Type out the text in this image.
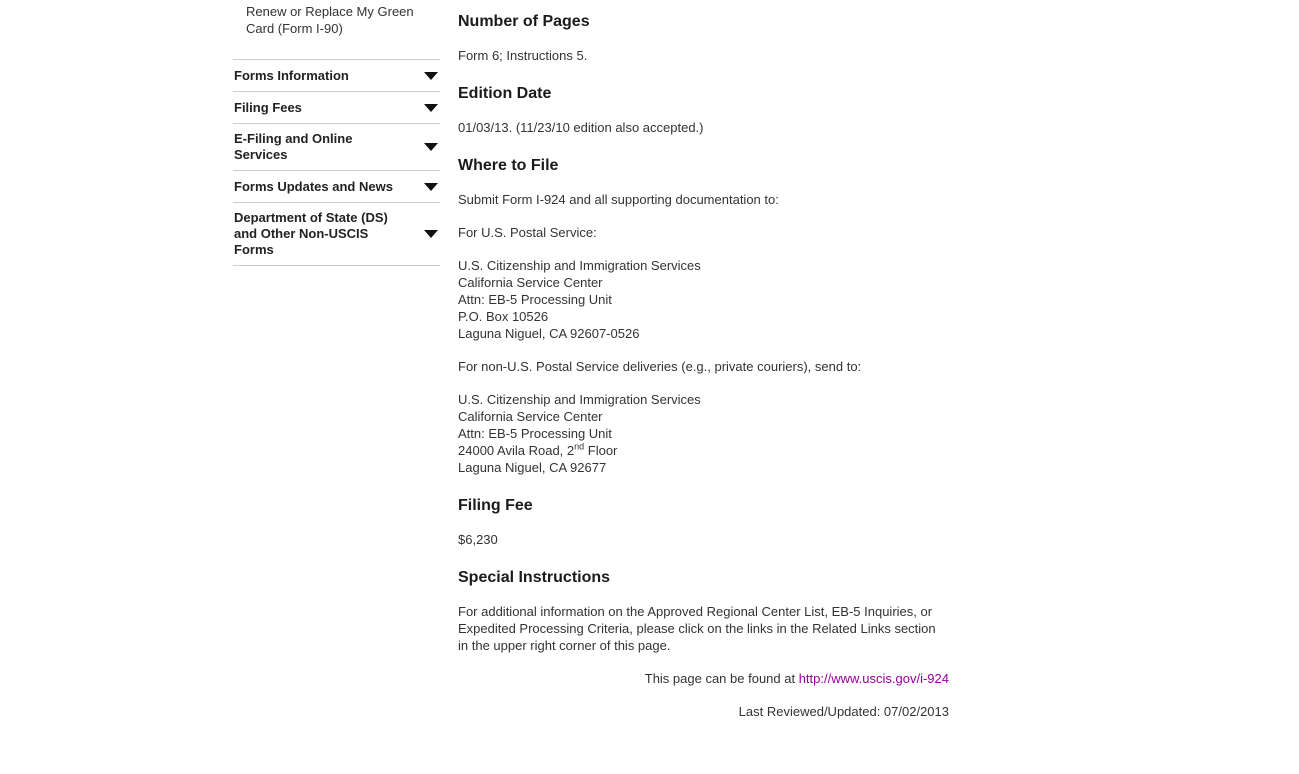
Renew or Replace My Green Card (Form I-90)
Forms Information
Filing Fees
E-Filing and Online Services
Forms Updates and News
Department of State (DS) and Other Non-USCIS Forms
Number of Pages

Form 6; Instructions 5.

Edition Date

01/03/13. (11/23/10 edition also accepted.)

Where to File

Submit Form I-924 and all supporting documentation to:

For U.S. Postal Service:

U.S. Citizenship and Immigration Services
California Service Center
Attn: EB-5 Processing Unit
P.O. Box 10526
Laguna Niguel, CA 92607-0526

For non-U.S. Postal Service deliveries (e.g., private couriers), send to:

U.S. Citizenship and Immigration Services
California Service Center
Attn: EB-5 Processing Unit
24000 Avila Road, 2nd Floor
Laguna Niguel, CA 92677
Filing Fee

$6,230

Special Instructions

For additional information on the Approved Regional Center List, EB-5 Inquiries, or Expedited Processing Criteria, please click on the links in the Related Links section in the upper right corner of this page.

This page can be found at http://www.uscis.gov/i-924

Last Reviewed/Updated: 07/02/2013
